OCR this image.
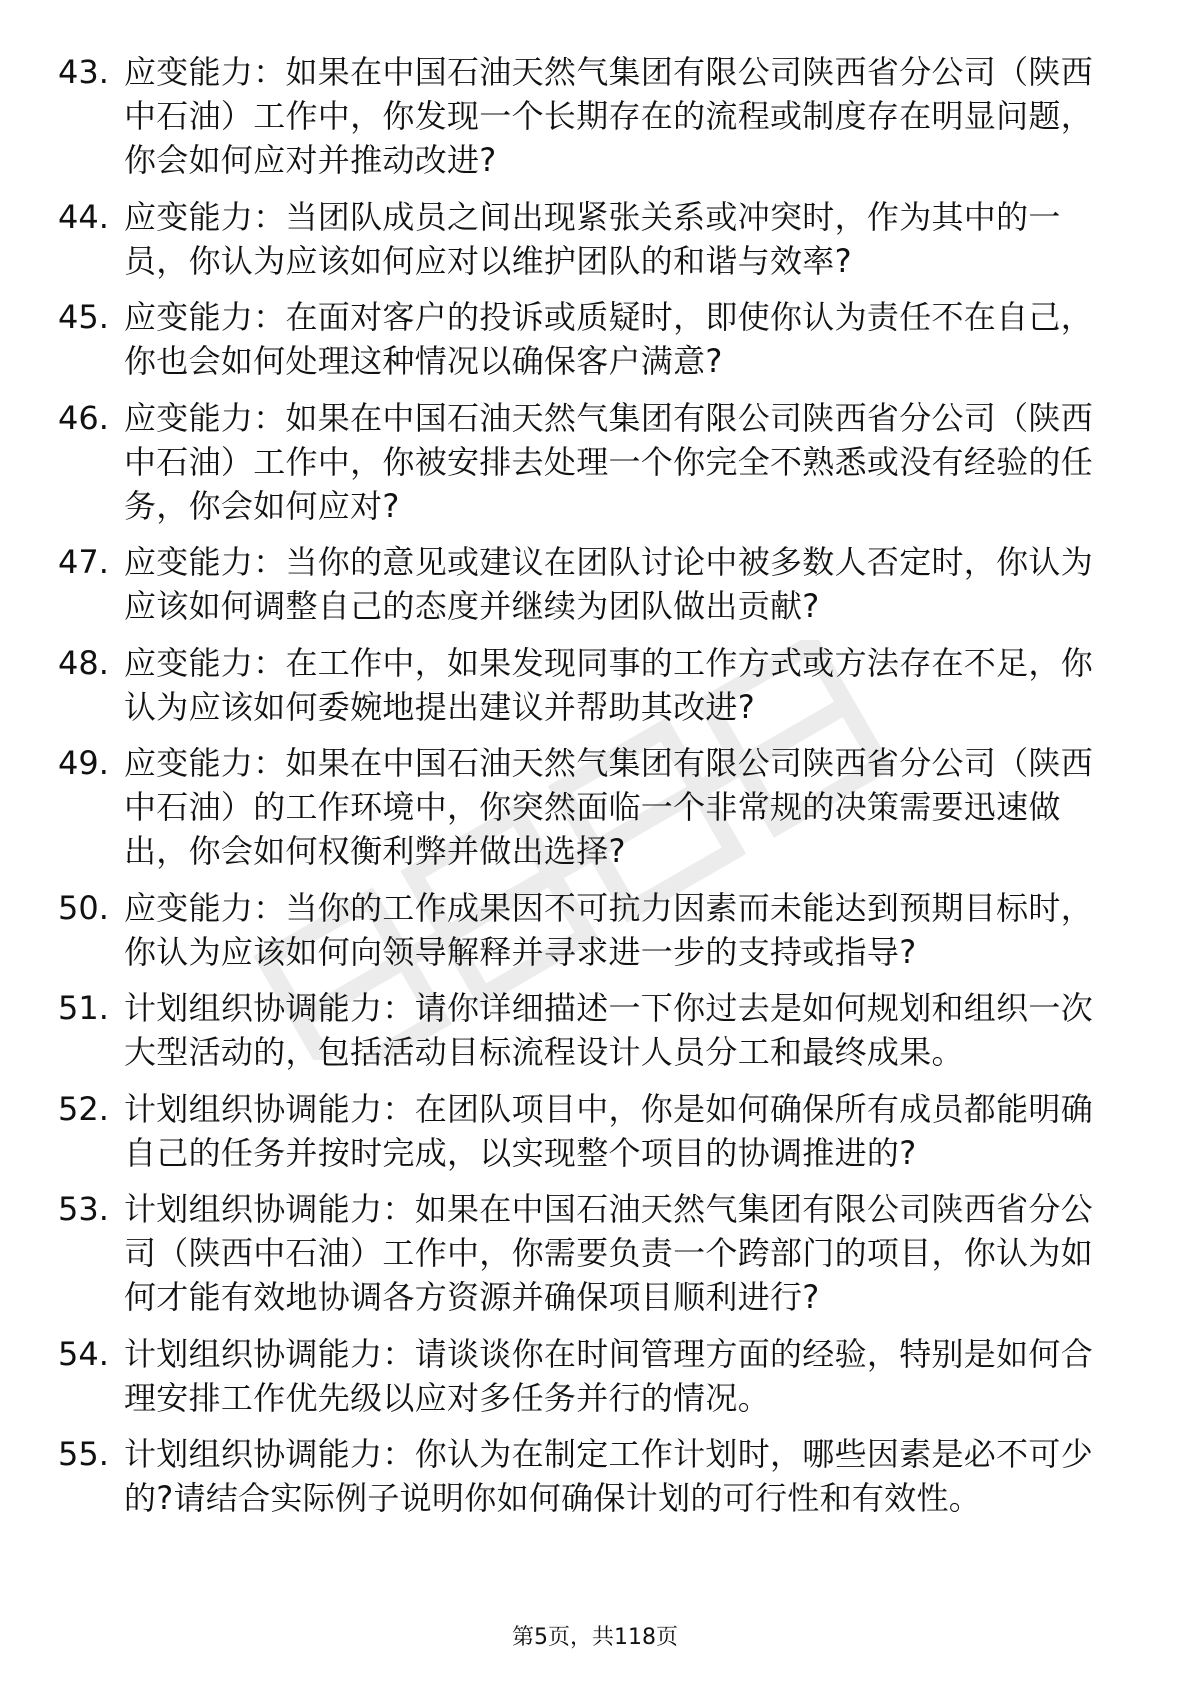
43. 应变能力：如果在中国石油天然气集团有限公司陕西省分公司（陕西中石油）工作中，你发现一个长期存在的流程或制度存在明显问题，你会如何应对并推动改进?
44. 应变能力：当团队成员之间出现紧张关系或冲突时，作为其中的一员，你认为应该如何应对以维护团队的和谐与效率?
45. 应变能力：在面对客户的投诉或质疑时，即使你认为责任不在自己，你也会如何处理这种情况以确保客户满意?
46. 应变能力：如果在中国石油天然气集团有限公司陕西省分公司（陕西中石油）工作中，你被安排去处理一个你完全不熟悉或没有经验的任务，你会如何应对?
47. 应变能力：当你的意见或建议在团队讨论中被多数人否定时，你认为应该如何调整自己的态度并继续为团队做出贡献?
48. 应变能力：在工作中，如果发现同事的工作方式或方法存在不足，你认为应该如何委婉地提出建议并帮助其改进?
49. 应变能力：如果在中国石油天然气集团有限公司陕西省分公司（陕西中石油）的工作环境中，你突然面临一个非常规的决策需要迅速做出，你会如何权衡利弊并做出选择?
50. 应变能力：当你的工作成果因不可抗力因素而未能达到预期目标时，你认为应该如何向领导解释并寻求进一步的支持或指导?
51. 计划组织协调能力：请你详细描述一下你过去是如何规划和组织一次大型活动的，包括活动目标流程设计人员分工和最终成果。
52. 计划组织协调能力：在团队项目中，你是如何确保所有成员都能明确自己的任务并按时完成，以实现整个项目的协调推进的?
53. 计划组织协调能力：如果在中国石油天然气集团有限公司陕西省分公司（陕西中石油）工作中，你需要负责一个跨部门的项目，你认为如何才能有效地协调各方资源并确保项目顺利进行?
54. 计划组织协调能力：请谈谈你在时间管理方面的经验，特别是如何合理安排工作优先级以应对多任务并行的情况。
55. 计划组织协调能力：你认为在制定工作计划时，哪些因素是必不可少的?请结合实际例子说明你如何确保计划的可行性和有效性。
第5页，共118页
